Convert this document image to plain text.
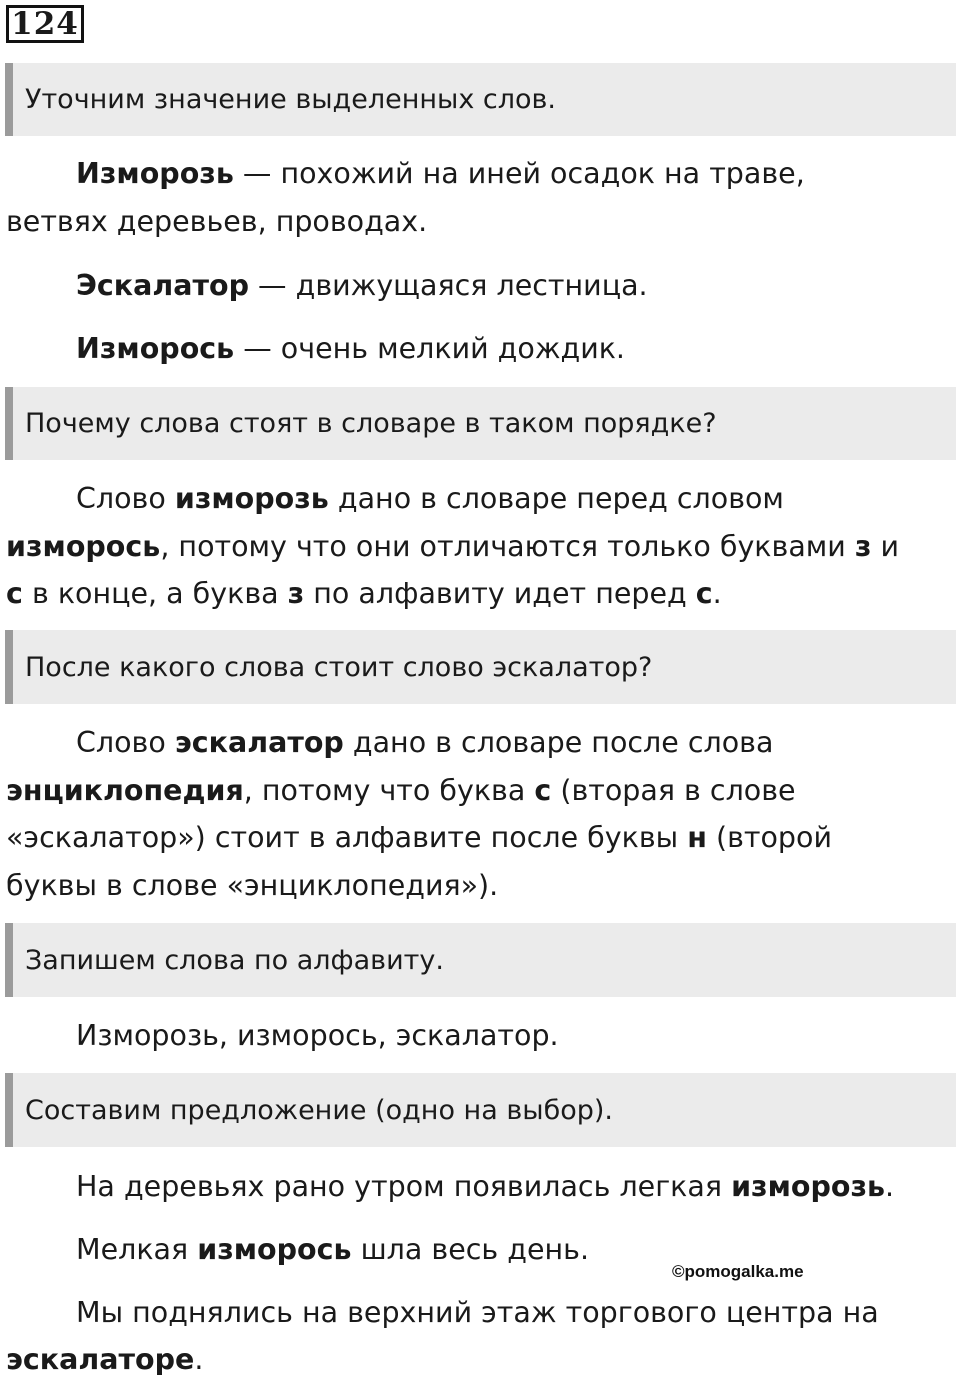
124
Уточним значение выделенных слов.
Изморозь — похожий на иней осадок на траве,
ветвях деревьев, проводах.
Эскалатор — движущаяся лестница.
Изморось — очень мелкий дождик.
Почему слова стоят в словаре в таком порядке?
Слово изморозь дано в словаре перед словом
изморось, потому что они отличаются только буквами з и
с в конце, а буква з по алфавиту идет перед с.
После какого слова стоит слово эскалатор?
Слово эскалатор дано в словаре после слова
энциклопедия, потому что буква с (вторая в слове
«эскалатор») стоит в алфавите после буквы н (второй
буквы в слове «энциклопедия»).
Запишем слова по алфавиту.
Изморозь, изморось, эскалатор.
Составим предложение (одно на выбор).
На деревьях рано утром появилась легкая изморозь.
Мелкая изморось шла весь день.
©pomogalka.me
Мы поднялись на верхний этаж торгового центра на
эскалаторе.
